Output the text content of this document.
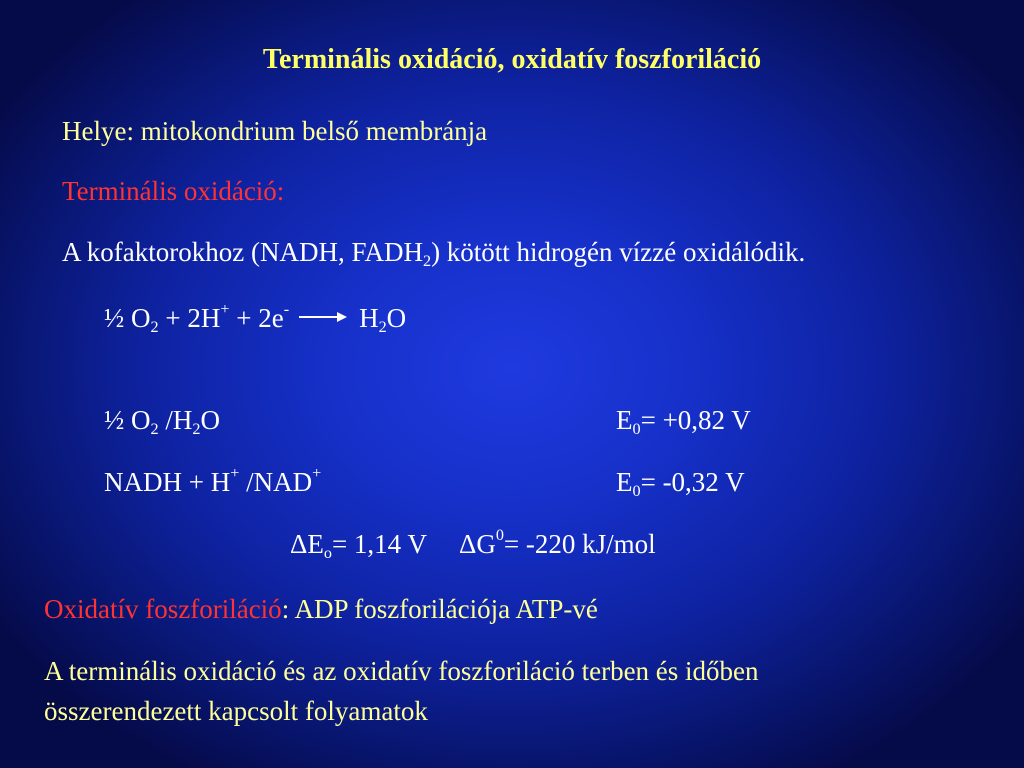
Terminális oxidáció, oxidatív foszforiláció
Helye: mitokondrium belső membránja
Terminális oxidáció:
A kofaktorokhoz (NADH, $FADH_2$) kötött hidrogén vízzé oxidálódik.
½ $O_2 + 2H^+ + 2e^- \to H_2O$
½ $O_2$ $/H_2O$	$E_0= +0,82$ V
NADH + H+ /NAD+	$E_0= -0,32$ V
$\Delta E_o= 1,14$ V $\Delta G^0= -220$ kJ/mol
Oxidatív foszforiláció: ADP foszforilációja ATP-vé
A terminális oxidáció és az oxidatív foszforiláció terben és időben
összerendezett kapcsolt folyamatok
